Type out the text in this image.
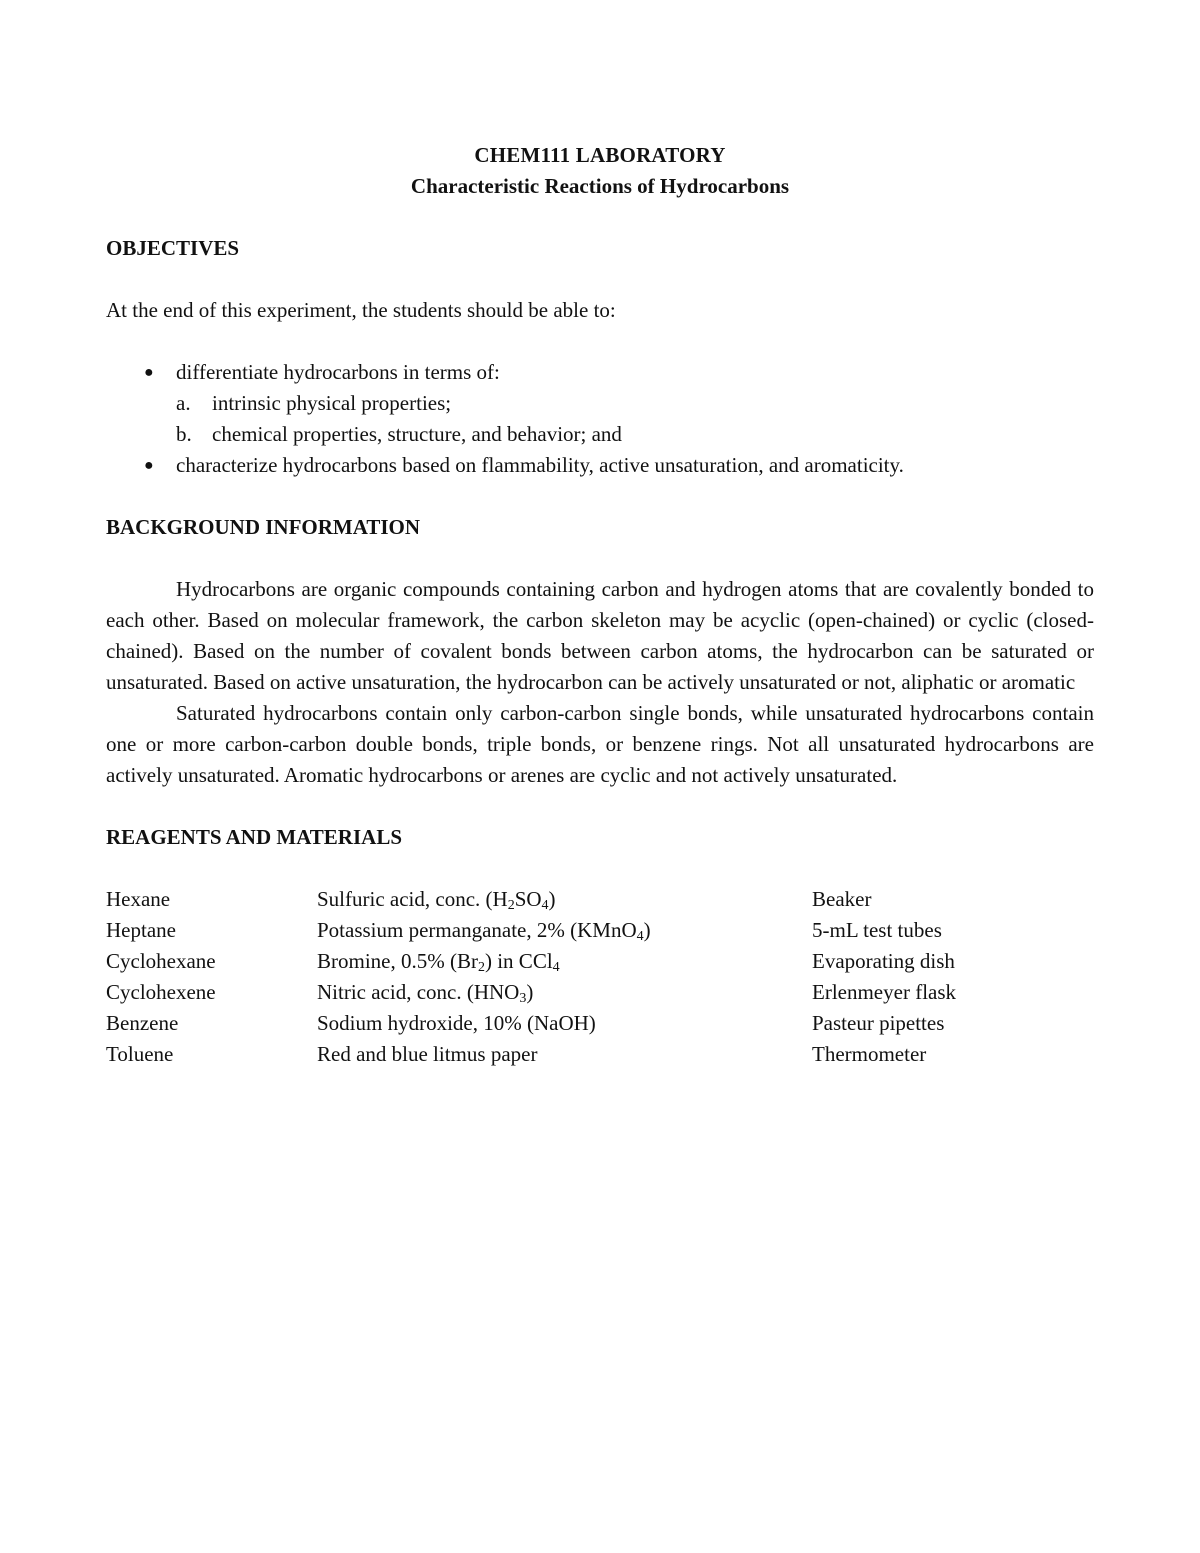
CHEM111 LABORATORY
Characteristic Reactions of Hydrocarbons

OBJECTIVES

At the end of this experiment, the students should be able to:

● differentiate hydrocarbons in terms of:
a. intrinsic physical properties;
b. chemical properties, structure, and behavior; and
● characterize hydrocarbons based on flammability, active unsaturation, and aromaticity.

BACKGROUND INFORMATION

Hydrocarbons are organic compounds containing carbon and hydrogen atoms that are covalently bonded to each other. Based on molecular framework, the carbon skeleton may be acyclic (open-chained) or cyclic (closed-chained). Based on the number of covalent bonds between carbon atoms, the hydrocarbon can be saturated or unsaturated. Based on active unsaturation, the hydrocarbon can be actively unsaturated or not, aliphatic or aromatic

Saturated hydrocarbons contain only carbon-carbon single bonds, while unsaturated hydrocarbons contain one or more carbon-carbon double bonds, triple bonds, or benzene rings. Not all unsaturated hydrocarbons are actively unsaturated. Aromatic hydrocarbons or arenes are cyclic and not actively unsaturated.

REAGENTS AND MATERIALS

Hexane	Sulfuric acid, conc. $(H_2SO_4)$	Beaker
Heptane	Potassium permanganate, 2% (KMnO$_4$)	5-mL test tubes
Cyclohexane	Bromine, 0.5% $(Br_2)$ in CCl$_4$	Evaporating dish
Cyclohexene	Nitric acid, conc. $(HNO_3)$	Erlenmeyer flask
Benzene	Sodium hydroxide, 10% (NaOH)	Pasteur pipettes
Toluene	Red and blue litmus paper	Thermometer
